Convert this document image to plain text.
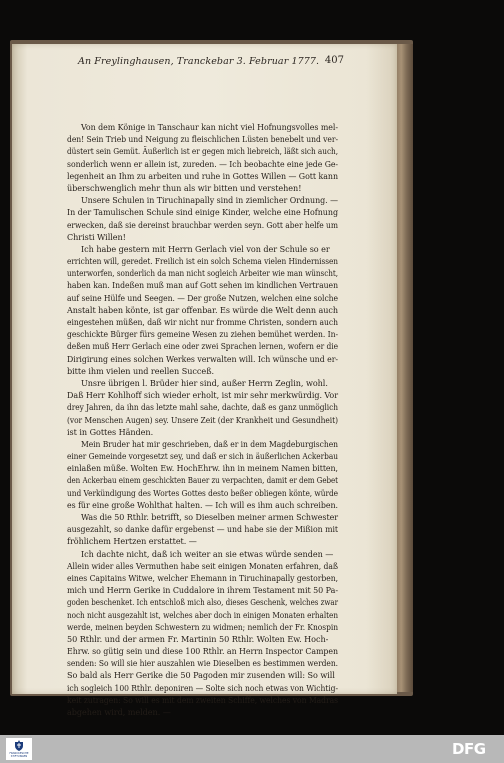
An Freylinghausen, Tranckebar 3. Februar 1777. 407
Von dem Könige in Tanschaur kan nicht viel Hofnungsvolles mel-
den! Sein Trieb und Neigung zu fleischlichen Lüsten benebelt und ver-
düstert sein Gemüt. Äußerlich ist er gegen mich liebreich, läßt sich auch,
sonderlich wenn er allein ist, zureden. — Ich beobachte eine jede Ge-
legenheit an Ihm zu arbeiten und ruhe in Gottes Willen — Gott kann
überschwenglich mehr thun als wir bitten und verstehen!
Unsere Schulen in Tiruchinapally sind in ziemlicher Ordnung. —
In der Tamulischen Schule sind einige Kinder, welche eine Hofnung
erwecken, daß sie dereinst brauchbar werden seyn. Gott aber helfe um
Christi Willen!
Ich habe gestern mit Herrn Gerlach viel von der Schule so er
errichten will, geredet. Freilich ist ein solch Schema vielen Hindernissen
unterworfen, sonderlich da man nicht sogleich Arbeiter wie man wünscht,
haben kan. Indeßen muß man auf Gott sehen im kindlichen Vertrauen
auf seine Hülfe und Seegen. — Der große Nutzen, welchen eine solche
Anstalt haben könte, ist gar offenbar. Es würde die Welt denn auch
eingestehen müßen, daß wir nicht nur fromme Christen, sondern auch
geschickte Bürger fürs gemeine Wesen zu ziehen bemühet werden. In-
deßen muß Herr Gerlach eine oder zwei Sprachen lernen, wofern er die
Dirigirung eines solchen Werkes verwalten will. Ich wünsche und er-
bitte ihm vielen und reellen Succeß.
Unsre übrigen l. Brüder hier sind, außer Herrn Zeglin, wohl.
Daß Herr Kohlhoff sich wieder erholt, ist mir sehr merkwürdig. Vor
drey Jahren, da ihn das letzte mahl sahe, dachte, daß es ganz unmöglich
(vor Menschen Augen) sey. Unsere Zeit (der Krankheit und Gesundheit)
ist in Gottes Händen.
Mein Bruder hat mir geschrieben, daß er in dem Magdeburgischen
einer Gemeinde vorgesetzt sey, und daß er sich in äußerlichen Ackerbau
einlaßen müße. Wolten Ew. HochEhrw. ihn in meinem Namen bitten,
den Ackerbau einem geschickten Bauer zu verpachten, damit er dem Gebet
und Verkündigung des Wortes Gottes desto beßer obliegen könte, würde
es für eine große Wohlthat halten. — Ich will es ihm auch schreiben.
Was die 50 Rthlr. betrifft, so Dieselben meiner armen Schwester
ausgezahlt, so danke dafür ergebenst — und habe sie der Mißion mit
fröhlichem Hertzen erstattet. —
Ich dachte nicht, daß ich weiter an sie etwas würde senden —
Allein wider alles Vermuthen habe seit einigen Monaten erfahren, daß
eines Capitains Witwe, welcher Ehemann in Tiruchinapally gestorben,
mich und Herrn Gerike in Cuddalore in ihrem Testament mit 50 Pa-
goden beschenket. Ich entschloß mich also, dieses Geschenk, welches zwar
noch nicht ausgezahlt ist, welches aber doch in einigen Monaten erhalten
werde, meinen beyden Schwestern zu widmen; nemlich der Fr. Knospin
50 Rthlr. und der armen Fr. Martinin 50 Rthlr. Wolten Ew. Hoch-
Ehrw. so gütig sein und diese 100 Rthlr. an Herrn Inspector Campen
senden: So will sie hier auszahlen wie Dieselben es bestimmen werden.
So bald als Herr Gerike die 50 Pagoden mir zusenden will: So will
ich sogleich 100 Rthlr. deponiren — Solte sich noch etwas von Wichtig-
keit zutragen: So will es mit dem zweiten Schiffe, welches von Madras
abgehen wird, melden. —
FRANCKESCHE STIFTUNGEN	DFG
